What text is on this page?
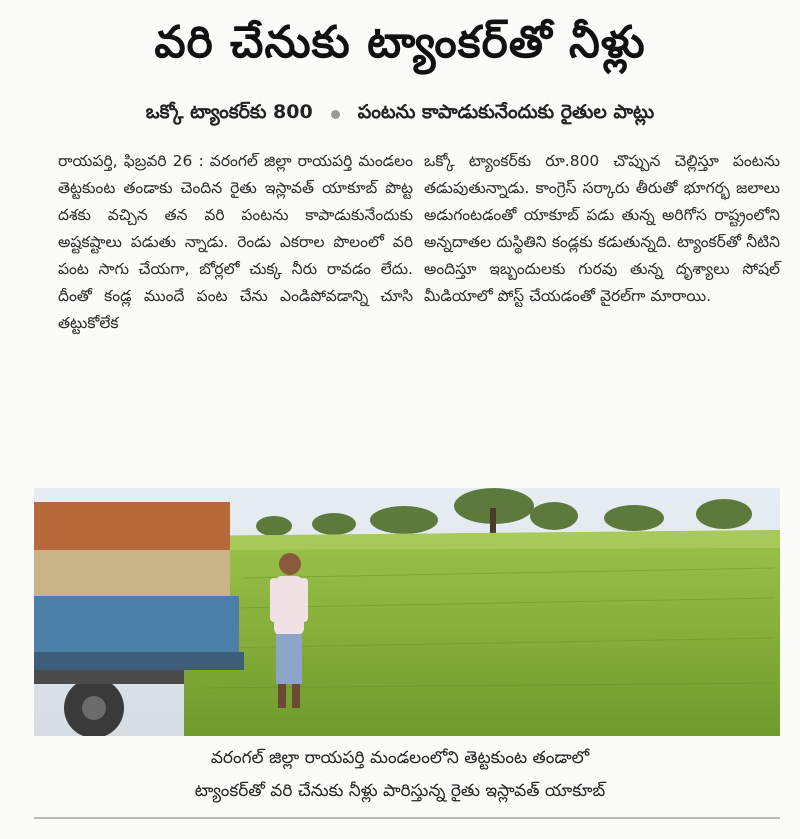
వరి చేనుకు ట్యాంకర్‌తో నీళ్లు
ఒక్కో ట్యాంకర్‌కు 800 పంటను కాపాడుకునేందుకు రైతుల పాట్లు

రాయపర్తి, ఫిబ్రవరి 26 : వరంగల్ జిల్లా రాయపర్తి మండలం తెట్టకుంట తండాకు చెందిన రైతు ఇస్లావత్ యాకూబ్ పొట్ట దశకు వచ్చిన తన వరి పంటను కాపాడుకునేందుకు అష్టకష్టాలు పడుతు న్నాడు. రెండు ఎకరాల పొలంలో వరి పంట సాగు చేయగా, బోర్లలో చుక్క నీరు రావడం లేదు. దీంతో కండ్ల ముందే పంట చేను ఎండిపోవడాన్ని చూసి తట్టుకోలేక

ఒక్కో ట్యాంకర్‌కు రూ.800 చొప్పున చెల్లిస్తూ పంటను తడుపుతున్నాడు. కాంగ్రెస్ సర్కారు తీరుతో భూగర్భ జలాలు అడుగంటడంతో యాకూబ్ పడు తున్న అరిగోస రాష్ట్రంలోని అన్నదాతల దుస్థితిని కండ్లకు కడుతున్నది. ట్యాంకర్‌తో నీటిని అందిస్తూ ఇబ్బందులకు గురవు తున్న దృశ్యాలు సోషల్ మీడియాలో పోస్ట్ చేయడంతో వైరల్‌గా మారాయి.

వరంగల్ జిల్లా రాయపర్తి మండలంలోని తెట్టకుంట తండాలో
ట్యాంకర్‌తో వరి చేనుకు నీళ్లు పారిస్తున్న రైతు ఇస్లావత్ యాకూబ్
